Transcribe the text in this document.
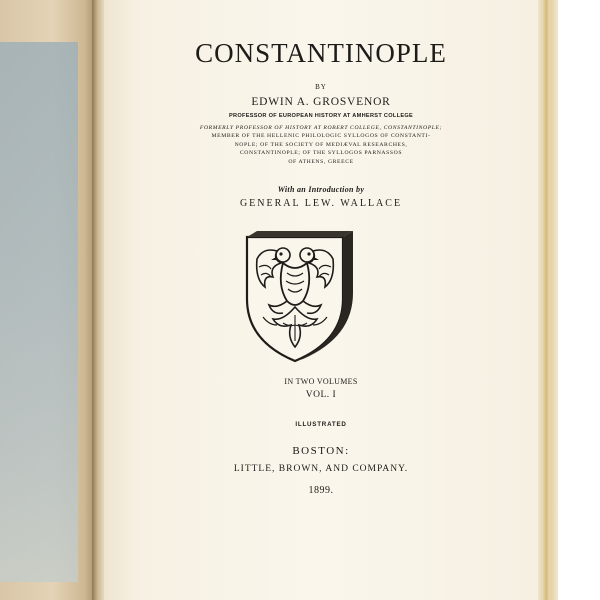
CONSTANTINOPLE
BY
EDWIN A. GROSVENOR
PROFESSOR OF EUROPEAN HISTORY AT AMHERST COLLEGE
FORMERLY PROFESSOR OF HISTORY AT ROBERT COLLEGE, CONSTANTINOPLE;
MEMBER OF THE HELLENIC PHILOLOGIC SYLLOGOS OF CONSTANTI-
NOPLE; OF THE SOCIETY OF MEDIÆVAL RESEARCHES,
CONSTANTINOPLE; OF THE SYLLOGOS PARNASSOS
OF ATHENS, GREECE
With an Introduction by
GENERAL LEW. WALLACE
IN TWO VOLUMES
VOL. I
ILLUSTRATED
BOSTON:
LITTLE, BROWN, AND COMPANY.
1899.
